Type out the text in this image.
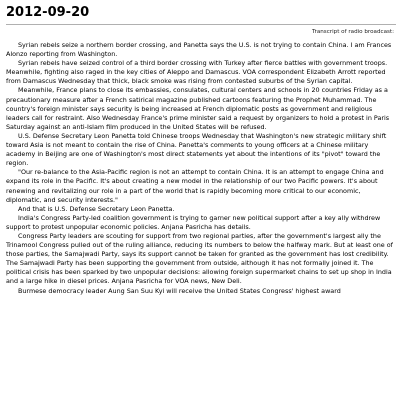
2012-09-20
Transcript of radio broadcast:

Syrian rebels seize a northern border crossing, and Panetta says the U.S. is not trying to contain China. I am Frances Alonzo reporting from Washington.

Syrian rebels have seized control of a third border crossing with Turkey after fierce battles with government troops. Meanwhile, fighting also raged in the key cities of Aleppo and Damascus. VOA correspondent Elizabeth Arrott reported from Damascus Wednesday that thick, black smoke was rising from contested suburbs of the Syrian capital.

Meanwhile, France plans to close its embassies, consulates, cultural centers and schools in 20 countries Friday as a precautionary measure after a French satirical magazine published cartoons featuring the Prophet Muhammad. The country's foreign minister says security is being increased at French diplomatic posts as government and religious leaders call for restraint. Also Wednesday France's prime minister said a request by organizers to hold a protest in Paris Saturday against an anti-Islam film produced in the United States will be refused.

U.S. Defense Secretary Leon Panetta told Chinese troops Wednesday that Washington's new strategic military shift toward Asia is not meant to contain the rise of China. Panetta's comments to young officers at a Chinese military academy in Beijing are one of Washington's most direct statements yet about the intentions of its "pivot" toward the region.

"Our re-balance to the Asia-Pacific region is not an attempt to contain China. It is an attempt to engage China and expand its role in the Pacific. It's about creating a new model in the relationship of our two Pacific powers. It's about renewing and revitalizing our role in a part of the world that is rapidly becoming more critical to our economic, diplomatic, and security interests."

And that is U.S. Defense Secretary Leon Panetta.

India's Congress Party-led coalition government is trying to garner new political support after a key ally withdrew support to protest unpopular economic policies. Anjana Pasricha has details.

Congress Party leaders are scouting for support from two regional parties, after the government's largest ally the Trinamool Congress pulled out of the ruling alliance, reducing its numbers to below the halfway mark. But at least one of those parties, the Samajwadi Party, says its support cannot be taken for granted as the government has lost credibility. The Samajwadi Party has been supporting the government from outside, although it has not formally joined it. The political crisis has been sparked by two unpopular decisions: allowing foreign supermarket chains to set up shop in India and a large hike in diesel prices. Anjana Pasricha for VOA news, New Deli.

Burmese democracy leader Aung San Suu Kyi will receive the United States Congress' highest award
